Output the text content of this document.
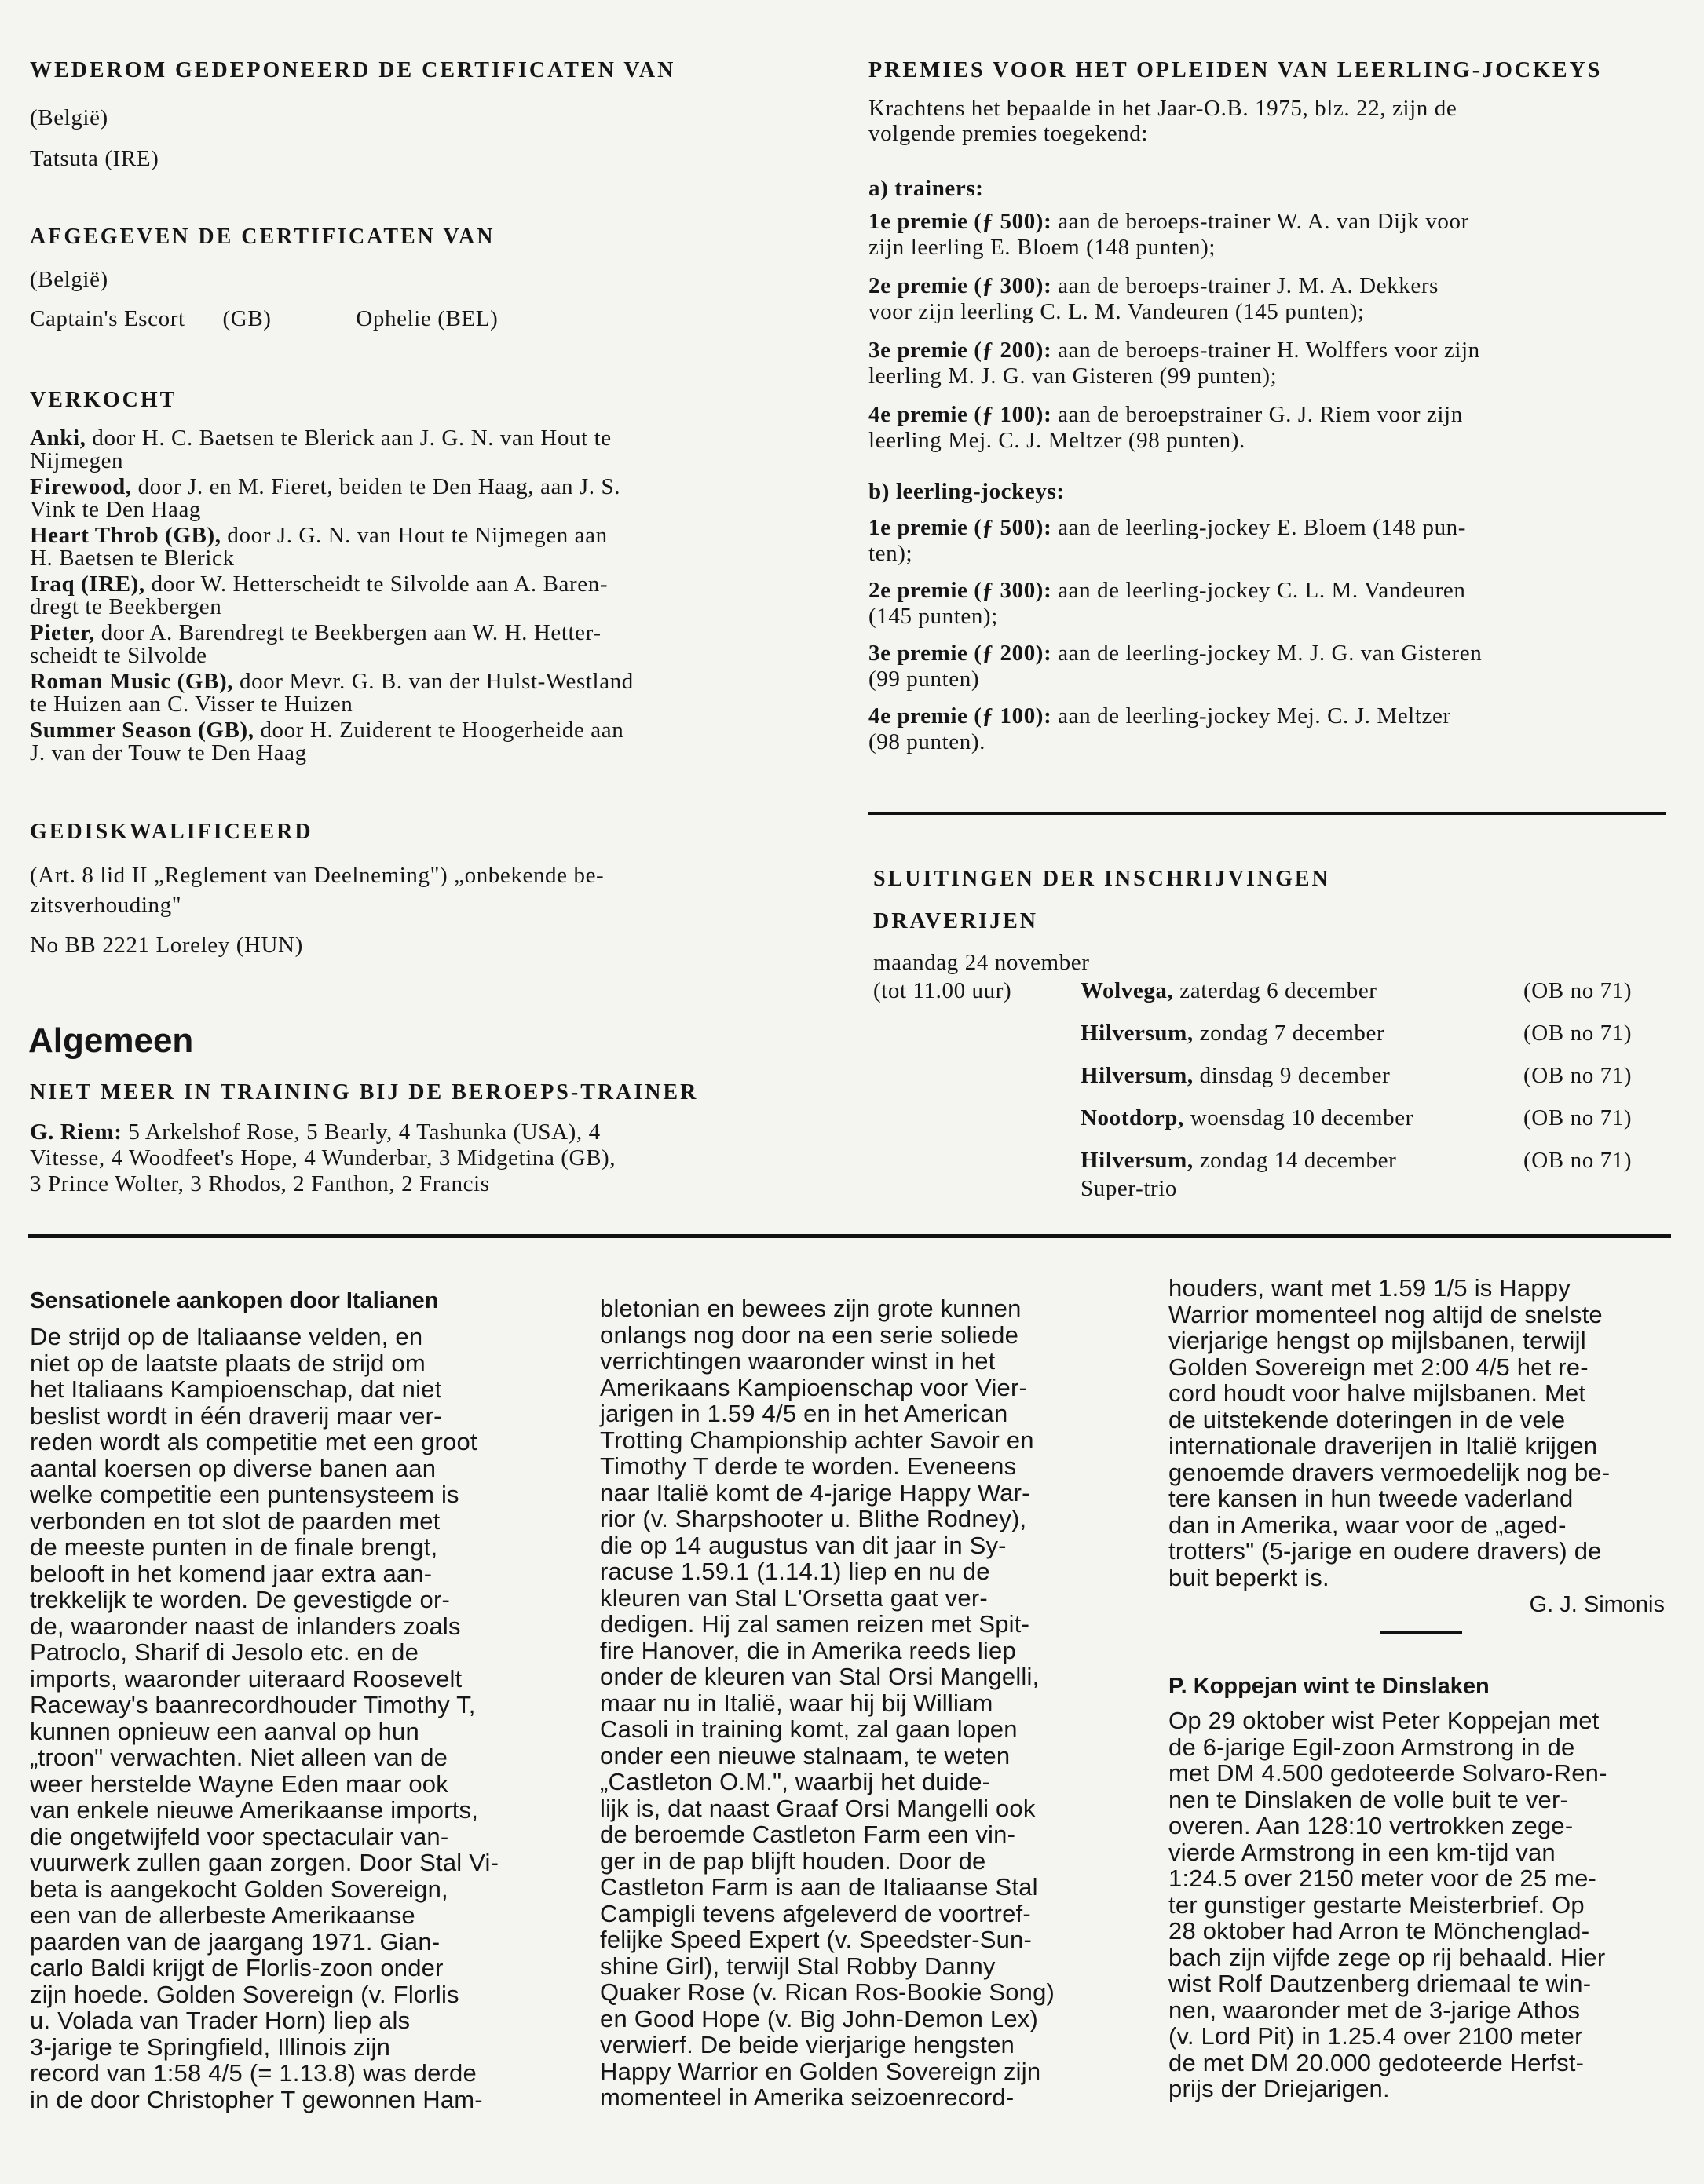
WEDEROM GEDEPONEERD DE CERTIFICATEN VAN
(België)
Tatsuta (IRE)
AFGEGEVEN DE CERTIFICATEN VAN
(België)
Captain's Escort (GB)	Ophelie (BEL)
VERKOCHT
Anki, door H. C. Baetsen te Blerick aan J. G. N. van Hout te
Nijmegen
Firewood, door J. en M. Fieret, beiden te Den Haag, aan J. S.
Vink te Den Haag
Heart Throb (GB), door J. G. N. van Hout te Nijmegen aan
H. Baetsen te Blerick
Iraq (IRE), door W. Hetterscheidt te Silvolde aan A. Baren-
dregt te Beekbergen
Pieter, door A. Barendregt te Beekbergen aan W. H. Hetter-
scheidt te Silvolde
Roman Music (GB), door Mevr. G. B. van der Hulst-Westland
te Huizen aan C. Visser te Huizen
Summer Season (GB), door H. Zuiderent te Hoogerheide aan
J. van der Touw te Den Haag
GEDISKWALIFICEERD
(Art. 8 lid II „Reglement van Deelneming") „onbekende be-
zitsverhouding"
No BB 2221 Loreley (HUN)
Algemeen
NIET MEER IN TRAINING BIJ DE BEROEPS-TRAINER
G. Riem: 5 Arkelshof Rose, 5 Bearly, 4 Tashunka (USA), 4
Vitesse, 4 Woodfeet's Hope, 4 Wunderbar, 3 Midgetina (GB),
3 Prince Wolter, 3 Rhodos, 2 Fanthon, 2 Francis
PREMIES VOOR HET OPLEIDEN VAN LEERLING-JOCKEYS
Krachtens het bepaalde in het Jaar-O.B. 1975, blz. 22, zijn de
volgende premies toegekend:
a) trainers:
1e premie (ƒ 500): aan de beroeps-trainer W. A. van Dijk voor
zijn leerling E. Bloem (148 punten);
2e premie (ƒ 300): aan de beroeps-trainer J. M. A. Dekkers
voor zijn leerling C. L. M. Vandeuren (145 punten);
3e premie (ƒ 200): aan de beroeps-trainer H. Wolffers voor zijn
leerling M. J. G. van Gisteren (99 punten);
4e premie (ƒ 100): aan de beroepstrainer G. J. Riem voor zijn
leerling Mej. C. J. Meltzer (98 punten).
b) leerling-jockeys:
1e premie (ƒ 500): aan de leerling-jockey E. Bloem (148 pun-
ten);
2e premie (ƒ 300): aan de leerling-jockey C. L. M. Vandeuren
(145 punten);
3e premie (ƒ 200): aan de leerling-jockey M. J. G. van Gisteren
(99 punten)
4e premie (ƒ 100): aan de leerling-jockey Mej. C. J. Meltzer
(98 punten).
SLUITINGEN DER INSCHRIJVINGEN
DRAVERIJEN
maandag 24 november
(tot 11.00 uur)	Wolvega, zaterdag 6 december	(OB no 71)
Hilversum, zondag 7 december	(OB no 71)
Hilversum, dinsdag 9 december	(OB no 71)
Nootdorp, woensdag 10 december	(OB no 71)
Hilversum, zondag 14 december	(OB no 71)
Super-trio
Sensationele aankopen door Italianen
De strijd op de Italiaanse velden, en
niet op de laatste plaats de strijd om
het Italiaans Kampioenschap, dat niet
beslist wordt in één draverij maar ver-
reden wordt als competitie met een groot
aantal koersen op diverse banen aan
welke competitie een puntensysteem is
verbonden en tot slot de paarden met
de meeste punten in de finale brengt,
belooft in het komend jaar extra aan-
trekkelijk te worden. De gevestigde or-
de, waaronder naast de inlanders zoals
Patroclo, Sharif di Jesolo etc. en de
imports, waaronder uiteraard Roosevelt
Raceway's baanrecordhouder Timothy T,
kunnen opnieuw een aanval op hun
„troon" verwachten. Niet alleen van de
weer herstelde Wayne Eden maar ook
van enkele nieuwe Amerikaanse imports,
die ongetwijfeld voor spectaculair van-
vuurwerk zullen gaan zorgen. Door Stal Vi-
beta is aangekocht Golden Sovereign,
een van de allerbeste Amerikaanse
paarden van de jaargang 1971. Gian-
carlo Baldi krijgt de Florlis-zoon onder
zijn hoede. Golden Sovereign (v. Florlis
u. Volada van Trader Horn) liep als
3-jarige te Springfield, Illinois zijn
record van 1:58 4/5 (= 1.13.8) was derde
in de door Christopher T gewonnen Ham-
bletonian en bewees zijn grote kunnen
onlangs nog door na een serie soliede
verrichtingen waaronder winst in het
Amerikaans Kampioenschap voor Vier-
jarigen in 1.59 4/5 en in het American
Trotting Championship achter Savoir en
Timothy T derde te worden. Eveneens
naar Italië komt de 4-jarige Happy War-
rior (v. Sharpshooter u. Blithe Rodney),
die op 14 augustus van dit jaar in Sy-
racuse 1.59.1 (1.14.1) liep en nu de
kleuren van Stal L'Orsetta gaat ver-
dedigen. Hij zal samen reizen met Spit-
fire Hanover, die in Amerika reeds liep
onder de kleuren van Stal Orsi Mangelli,
maar nu in Italië, waar hij bij William
Casoli in training komt, zal gaan lopen
onder een nieuwe stalnaam, te weten
„Castleton O.M.", waarbij het duide-
lijk is, dat naast Graaf Orsi Mangelli ook
de beroemde Castleton Farm een vin-
ger in de pap blijft houden. Door de
Castleton Farm is aan de Italiaanse Stal
Campigli tevens afgeleverd de voortref-
felijke Speed Expert (v. Speedster-Sun-
shine Girl), terwijl Stal Robby Danny
Quaker Rose (v. Rican Ros-Bookie Song)
en Good Hope (v. Big John-Demon Lex)
verwierf. De beide vierjarige hengsten
Happy Warrior en Golden Sovereign zijn
momenteel in Amerika seizoenrecord-
houders, want met 1.59 1/5 is Happy
Warrior momenteel nog altijd de snelste
vierjarige hengst op mijlsbanen, terwijl
Golden Sovereign met 2:00 4/5 het re-
cord houdt voor halve mijlsbanen. Met
de uitstekende doteringen in de vele
internationale draverijen in Italië krijgen
genoemde dravers vermoedelijk nog be-
tere kansen in hun tweede vaderland
dan in Amerika, waar voor de „aged-
trotters" (5-jarige en oudere dravers) de
buit beperkt is.
G. J. Simonis
P. Koppejan wint te Dinslaken
Op 29 oktober wist Peter Koppejan met
de 6-jarige Egil-zoon Armstrong in de
met DM 4.500 gedoteerde Solvaro-Ren-
nen te Dinslaken de volle buit te ver-
overen. Aan 128:10 vertrokken zege-
vierde Armstrong in een km-tijd van
1:24.5 over 2150 meter voor de 25 me-
ter gunstiger gestarte Meisterbrief. Op
28 oktober had Arron te Mönchenglad-
bach zijn vijfde zege op rij behaald. Hier
wist Rolf Dautzenberg driemaal te win-
nen, waaronder met de 3-jarige Athos
(v. Lord Pit) in 1.25.4 over 2100 meter
de met DM 20.000 gedoteerde Herfst-
prijs der Driejarigen.
